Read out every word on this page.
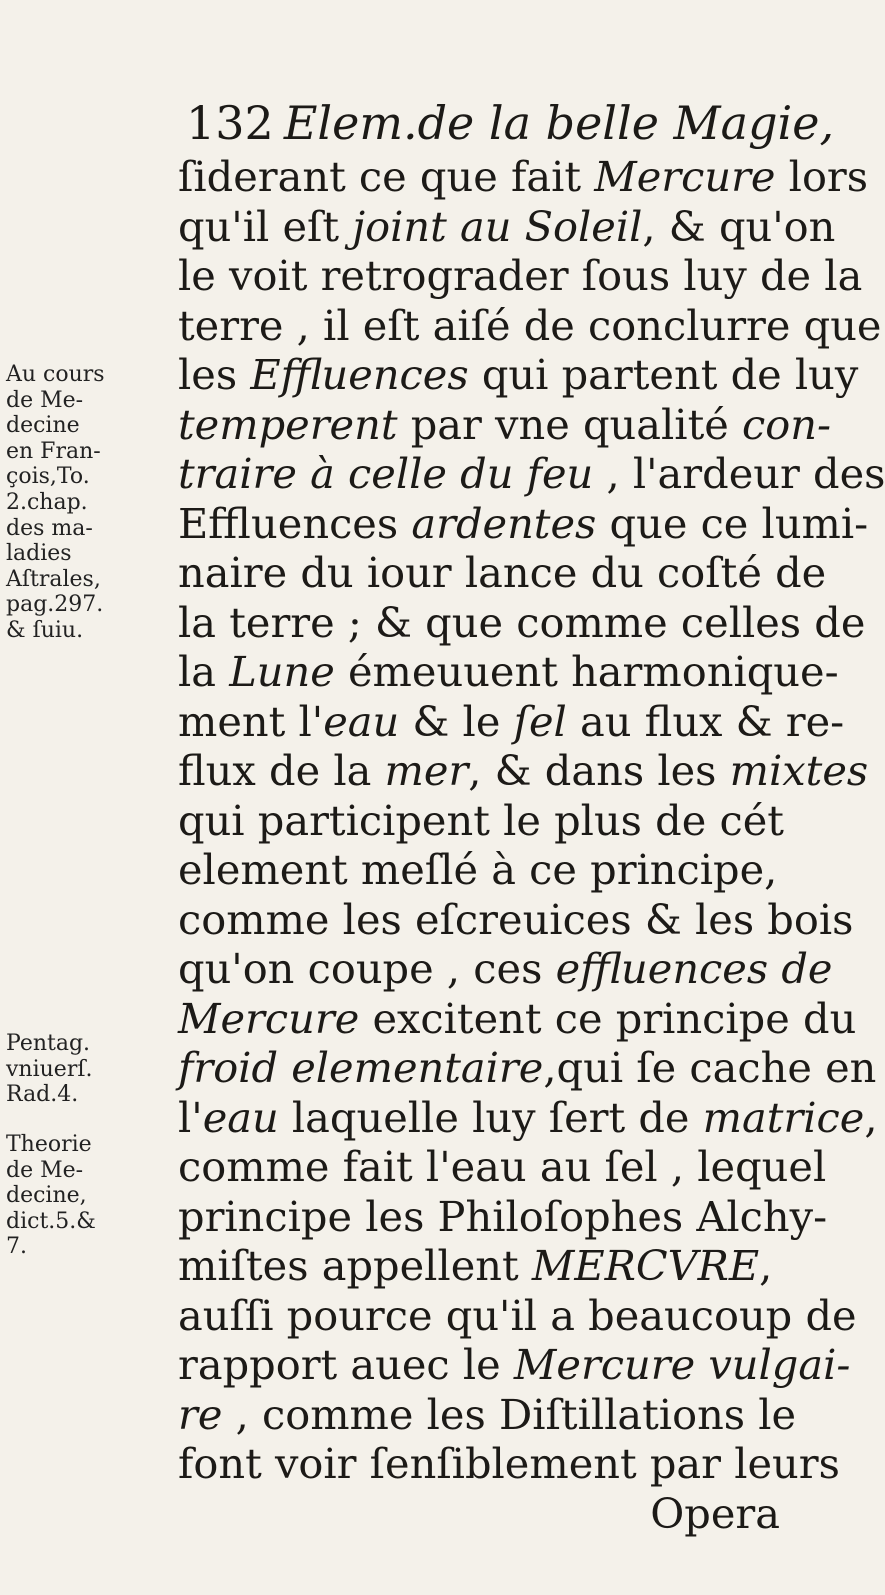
132 Elem.de la belle Magie,
ſiderant ce que fait Mercure lors
qu'il eſt joint au Soleil, & qu'on
le voit retrograder ſous luy de la
terre , il eſt aiſé de conclurre que
les Effluences qui partent de luy
temperent par vne qualité con-
traire à celle du feu , l'ardeur des
Effluences ardentes que ce lumi-
naire du iour lance du coſté de
la terre ; & que comme celles de
la Lune émeuuent harmonique-
ment l'eau & le ſel au flux & re-
flux de la mer, & dans les mixtes
qui participent le plus de cét
element meſlé à ce principe,
comme les eſcreuices & les bois
qu'on coupe , ces effluences de
Mercure excitent ce principe du
froid elementaire,qui ſe cache en
l'eau laquelle luy ſert de matrice,
comme fait l'eau au ſel , lequel
principe les Philoſophes Alchy-
miſtes appellent MERCVRE,
auſſi pource qu'il a beaucoup de
rapport auec le Mercure vulgai-
re , comme les Diſtillations le
font voir ſenſiblement par leurs
Opera
Au cours
de Me-
decine
en Fran-
çois,To.
2.chap.
des ma-
ladies
Aſtrales,
pag.297.
& ſuiu.
Pentag.
vniuerſ.
Rad.4.
Theorie
de Me-
decine,
dict.5.&
7.
